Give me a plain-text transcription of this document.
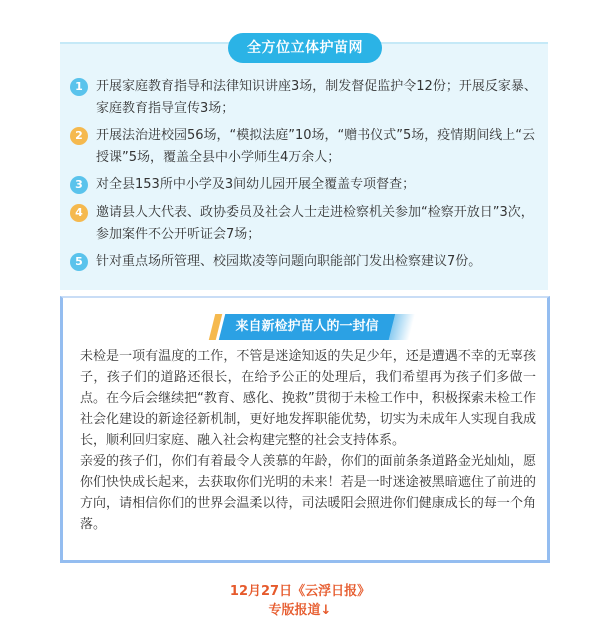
全方位立体护苗网
1	开展家庭教育指导和法律知识讲座3场，制发督促监护令12份；开展反家暴、家庭教育指导宣传3场；
2	开展法治进校园56场，“模拟法庭”10场，“赠书仪式”5场，疫情期间线上“云授课”5场，覆盖全县中小学师生4万余人；
3	对全县153所中小学及3间幼儿园开展全覆盖专项督查；
4	邀请县人大代表、政协委员及社会人士走进检察机关参加“检察开放日”3次，参加案件不公开听证会7场；
5	针对重点场所管理、校园欺凌等问题向职能部门发出检察建议7份。
来自新检护苗人的一封信

未检是一项有温度的工作，不管是迷途知返的失足少年，还是遭遇不幸的无辜孩子，孩子们的道路还很长，在给予公正的处理后，我们希望再为孩子们多做一点。在今后会继续把“教育、感化、挽救”贯彻于未检工作中，积极探索未检工作社会化建设的新途径新机制，更好地发挥职能优势，切实为未成年人实现自我成长，顺利回归家庭、融入社会构建完整的社会支持体系。

亲爱的孩子们，你们有着最令人羡慕的年龄，你们的面前条条道路金光灿灿，愿你们快快成长起来，去获取你们光明的未来！若是一时迷途被黑暗遮住了前进的方向，请相信你们的世界会温柔以待，司法暖阳会照进你们健康成长的每一个角落。

12月27日《云浮日报》
专版报道↓
